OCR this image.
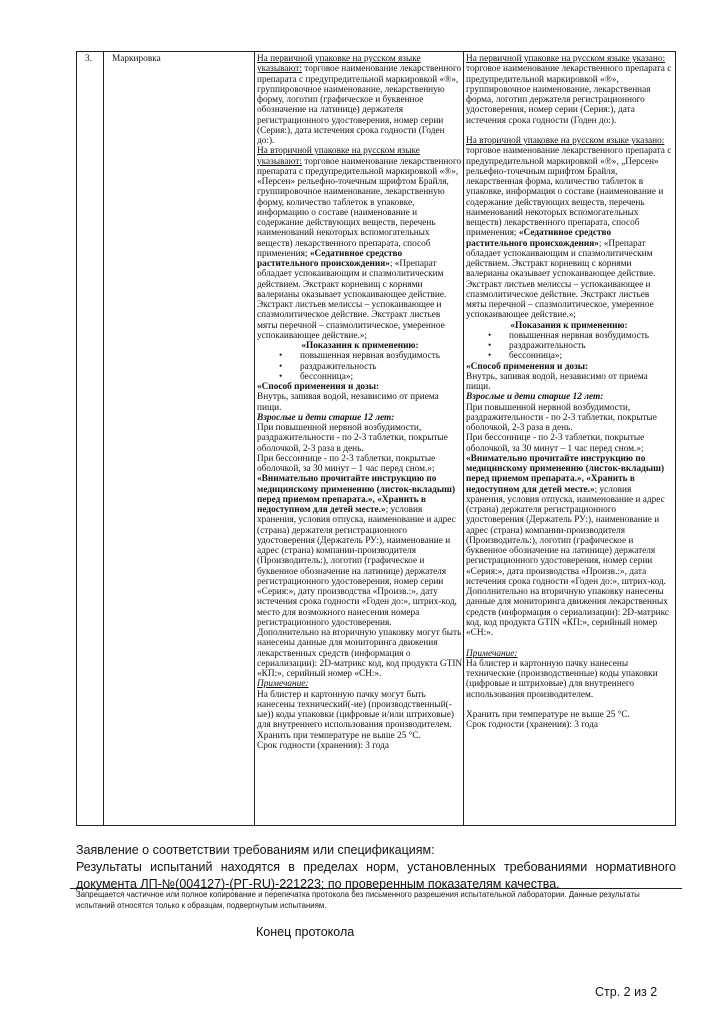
3.	Маркировка	На первичной упаковке на русском языке указывают: торговое наименование лекарственного препарата с предупредительной маркировкой «®», группировочное наименование, лекарственную форму, логотип (графическое и буквенное обозначение на латинице) держателя регистрационного удостоверения, номер серии (Серия:), дата истечения срока годности (Годен до:).

На вторичной упаковке на русском языке указывают: торговое наименование лекарственного препарата с предупредительной маркировкой «®», «Персен» рельефно-точечным шрифтом Брайля, группировочное наименование, лекарственную форму, количество таблеток в упаковке, информацию о составе (наименование и содержание действующих веществ, перечень наименований некоторых вспомогательных веществ) лекарственного препарата, способ применения; «Седативное средство растительного происхождения»; «Препарат обладает успокаивающим и спазмолитическим действием. Экстракт корневищ с корнями валерианы оказывает успокаивающее действие. Экстракт листьев мелиссы – успокаивающее и спазмолитическое действие. Экстракт листьев мяты перечной – спазмолитическое, умеренное успокаивающее действие.»;

«Показания к применению:

• повышенная нервная возбудимость
• раздражительность
• бессонница»;

«Способ применения и дозы:

Внутрь, запивая водой, независимо от приема пищи.

Взрослые и дети старше 12 лет:

При повышенной нервной возбудимости, раздражительности - по 2-3 таблетки, покрытые оболочкой, 2-3 раза в день.

При бессоннице - по 2-3 таблетки, покрытые оболочкой, за 30 минут – 1 час перед сном.»;

«Внимательно прочитайте инструкцию по медицинскому применению (листок-вкладыш) перед приемом препарата.», «Хранить в недоступном для детей месте.»; условия хранения, условия отпуска, наименование и адрес (страна) держателя регистрационного удостоверения (Держатель РУ:), наименование и адрес (страна) компании-производителя (Производитель:), логотип (графическое и буквенное обозначение на латинице) держателя регистрационного удостоверения, номер серии «Серия:», дату производства «Произв.:», дату истечения срока годности «Годен до:», штрих-код, место для возможного нанесения номера регистрационного удостоверения.

Дополнительно на вторичную упаковку могут быть нанесены данные для мониторинга движения лекарственных средств (информация о сериализации): 2D-матрикс код, код продукта GTIN «КП:», серийный номер «СН:».

Примечание:

На блистер и картонную пачку могут быть нанесены технический(-ие) (производственный(-ые)) коды упаковки (цифровые и/или штриховые) для внутреннего использования производителем.

Хранить при температуре не выше 25 °С.

Срок годности (хранения): 3 года

На первичной упаковке на русском языке указано: торговое наименование лекарственного препарата с предупредительной маркировкой «®», группировочное наименование, лекарственная форма, логотип держателя регистрационного удостоверения, номер серии (Серия:), дата истечения срока годности (Годен до:).

На вторичной упаковке на русском языке указано: торговое наименование лекарственного препарата с предупредительной маркировкой «®», „Персен» рельефно-точечным шрифтом Брайля, лекарственная форма, количество таблеток в упаковке, информация о составе (наименование и содержание действующих веществ, перечень наименований некоторых вспомогательных веществ) лекарственного препарата, способ применения; «Седативное средство растительного происхождения»; «Препарат обладает успокаивающим и спазмолитическим действием. Экстракт корневищ с корнями валерианы оказывает успокаивающее действие. Экстракт листьев мелиссы – успокаивающее и спазмолитическое действие. Экстракт листьев мяты перечной – спазмолитическое, умеренное успокаивающее действие.»;

«Показания к применению:

• повышенная нервная возбудимость
• раздражительность
• бессонница»;

«Способ применения и дозы:

Внутрь, запивая водой, независимо от приема пищи.

Взрослые и дети старше 12 лет:

При повышенной нервной возбудимости, раздражительности - по 2-3 таблетки, покрытые оболочкой, 2-3 раза в день.

При бессоннице - по 2-3 таблетки, покрытые оболочкой, за 30 минут – 1 час перед сном.»;

«Внимательно прочитайте инструкцию по медицинскому применению (листок-вкладыш) перед приемом препарата.», «Хранить в недоступном для детей месте.»; условия хранения, условия отпуска, наименование и адрес (страна) держателя регистрационного удостоверения (Держатель РУ:), наименование и адрес (страна) компании-производителя (Производитель:), логотип (графическое и буквенное обозначение на латинице) держателя регистрационного удостоверения, номер серии «Серия:», дата производства «Произв.:», дата истечения срока годности «Годен до:», штрих-код. Дополнительно на вторичную упаковку нанесены данные для мониторинга движения лекарственных средств (информация о сериализации): 2D-матрикс код, код продукта GTIN «КП:», серийный номер «СН:».

Примечание:

На блистер и картонную пачку нанесены технические (производственные) коды упаковки (цифровые и штриховые) для внутреннего использования производителем.

Хранить при температуре не выше 25 °С.

Срок годности (хранения): 3 года

Заявление о соответствии требованиям или спецификациям:

Результаты испытаний находятся в пределах норм, установленных требованиями нормативного

документа ЛП-№(004127)-(РГ-RU)-221223; по проверенным показателям качества.

Запрещается частичное или полное копирование и перепечатка протокола без письменного разрешения испытательной лаборатории. Данные результаты испытаний относятся только к образцам, подвергнутым испытаниям.
Конец протокола
Стр. 2 из 2
